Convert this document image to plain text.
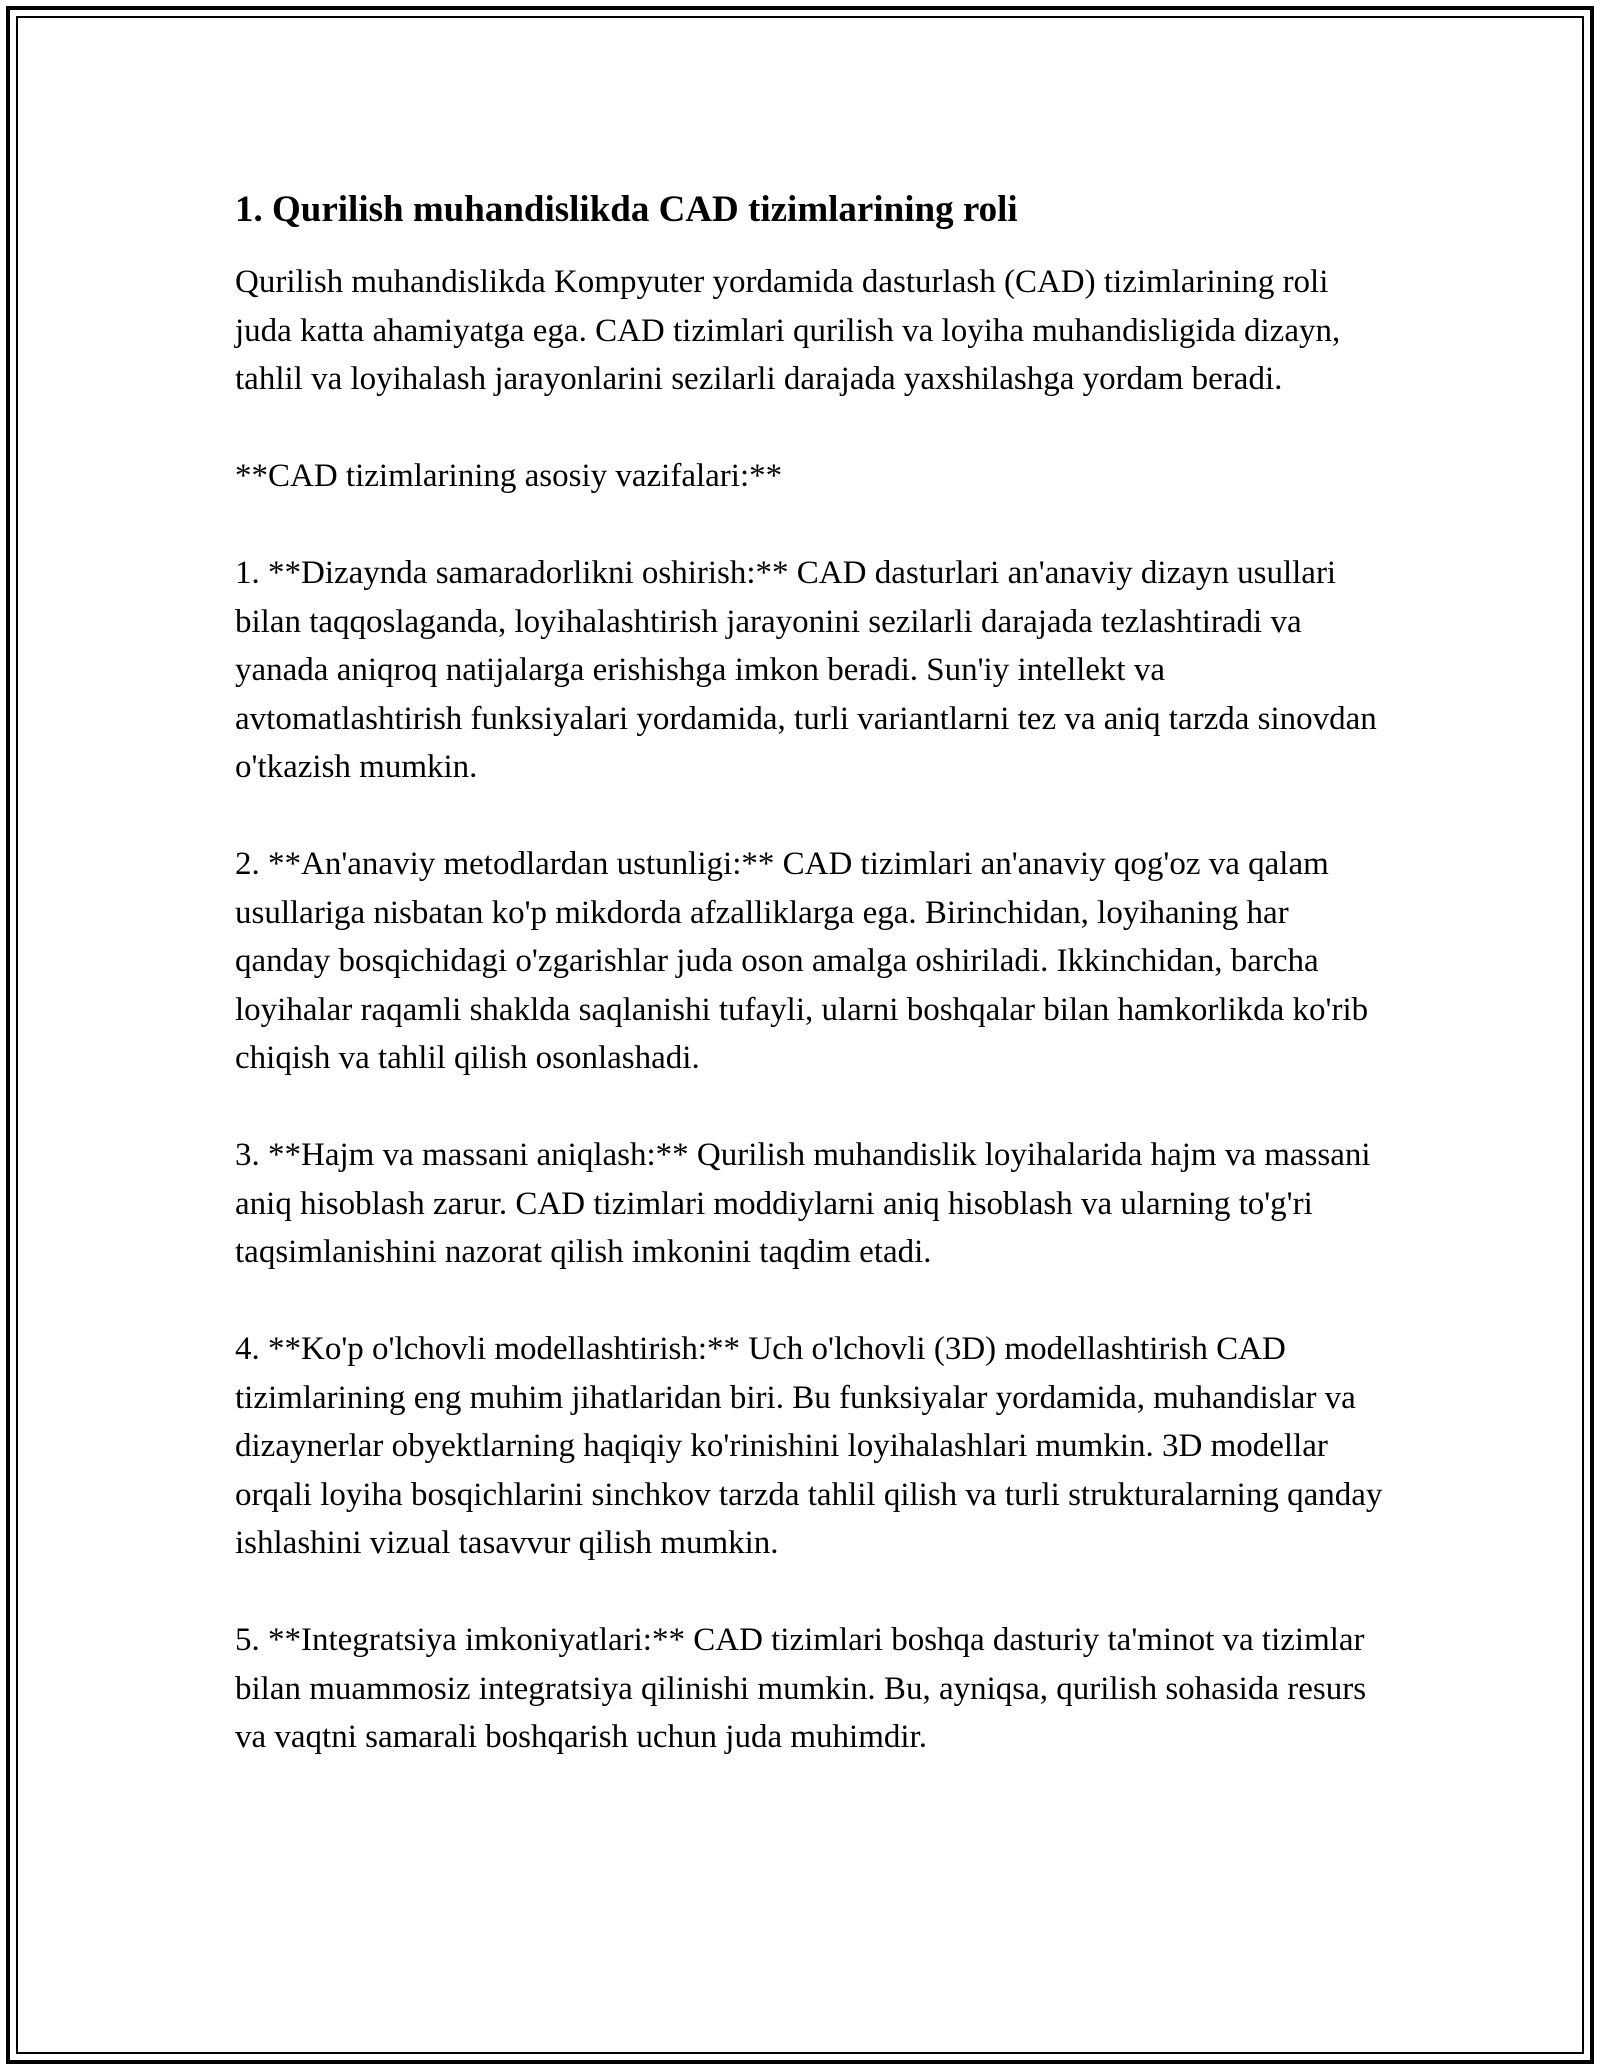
1. Qurilish muhandislikda CAD tizimlarining roli

Qurilish muhandislikda Kompyuter yordamida dasturlash (CAD) tizimlarining roli juda katta ahamiyatga ega. CAD tizimlari qurilish va loyiha muhandisligida dizayn, tahlil va loyihalash jarayonlarini sezilarli darajada yaxshilashga yordam beradi.

**CAD tizimlarining asosiy vazifalari:**

1. **Dizaynda samaradorlikni oshirish:** CAD dasturlari an'anaviy dizayn usullari bilan taqqoslaganda, loyihalashtirish jarayonini sezilarli darajada tezlashtiradi va yanada aniqroq natijalarga erishishga imkon beradi. Sun'iy intellekt va avtomatlashtirish funksiyalari yordamida, turli variantlarni tez va aniq tarzda sinovdan o'tkazish mumkin.

2. **An'anaviy metodlardan ustunligi:** CAD tizimlari an'anaviy qog'oz va qalam usullariga nisbatan ko'p mikdorda afzalliklarga ega. Birinchidan, loyihaning har qanday bosqichidagi o'zgarishlar juda oson amalga oshiriladi. Ikkinchidan, barcha loyihalar raqamli shaklda saqlanishi tufayli, ularni boshqalar bilan hamkorlikda ko'rib chiqish va tahlil qilish osonlashadi.

3. **Hajm va massani aniqlash:** Qurilish muhandislik loyihalarida hajm va massani aniq hisoblash zarur. CAD tizimlari moddiylarni aniq hisoblash va ularning to'g'ri taqsimlanishini nazorat qilish imkonini taqdim etadi.

4. **Ko'p o'lchovli modellashtirish:** Uch o'lchovli (3D) modellashtirish CAD tizimlarining eng muhim jihatlaridan biri. Bu funksiyalar yordamida, muhandislar va dizaynerlar obyektlarning haqiqiy ko'rinishini loyihalashlari mumkin. 3D modellar orqali loyiha bosqichlarini sinchkov tarzda tahlil qilish va turli strukturalarning qanday ishlashini vizual tasavvur qilish mumkin.

5. **Integratsiya imkoniyatlari:** CAD tizimlari boshqa dasturiy ta'minot va tizimlar bilan muammosiz integratsiya qilinishi mumkin. Bu, ayniqsa, qurilish sohasida resurs va vaqtni samarali boshqarish uchun juda muhimdir.
